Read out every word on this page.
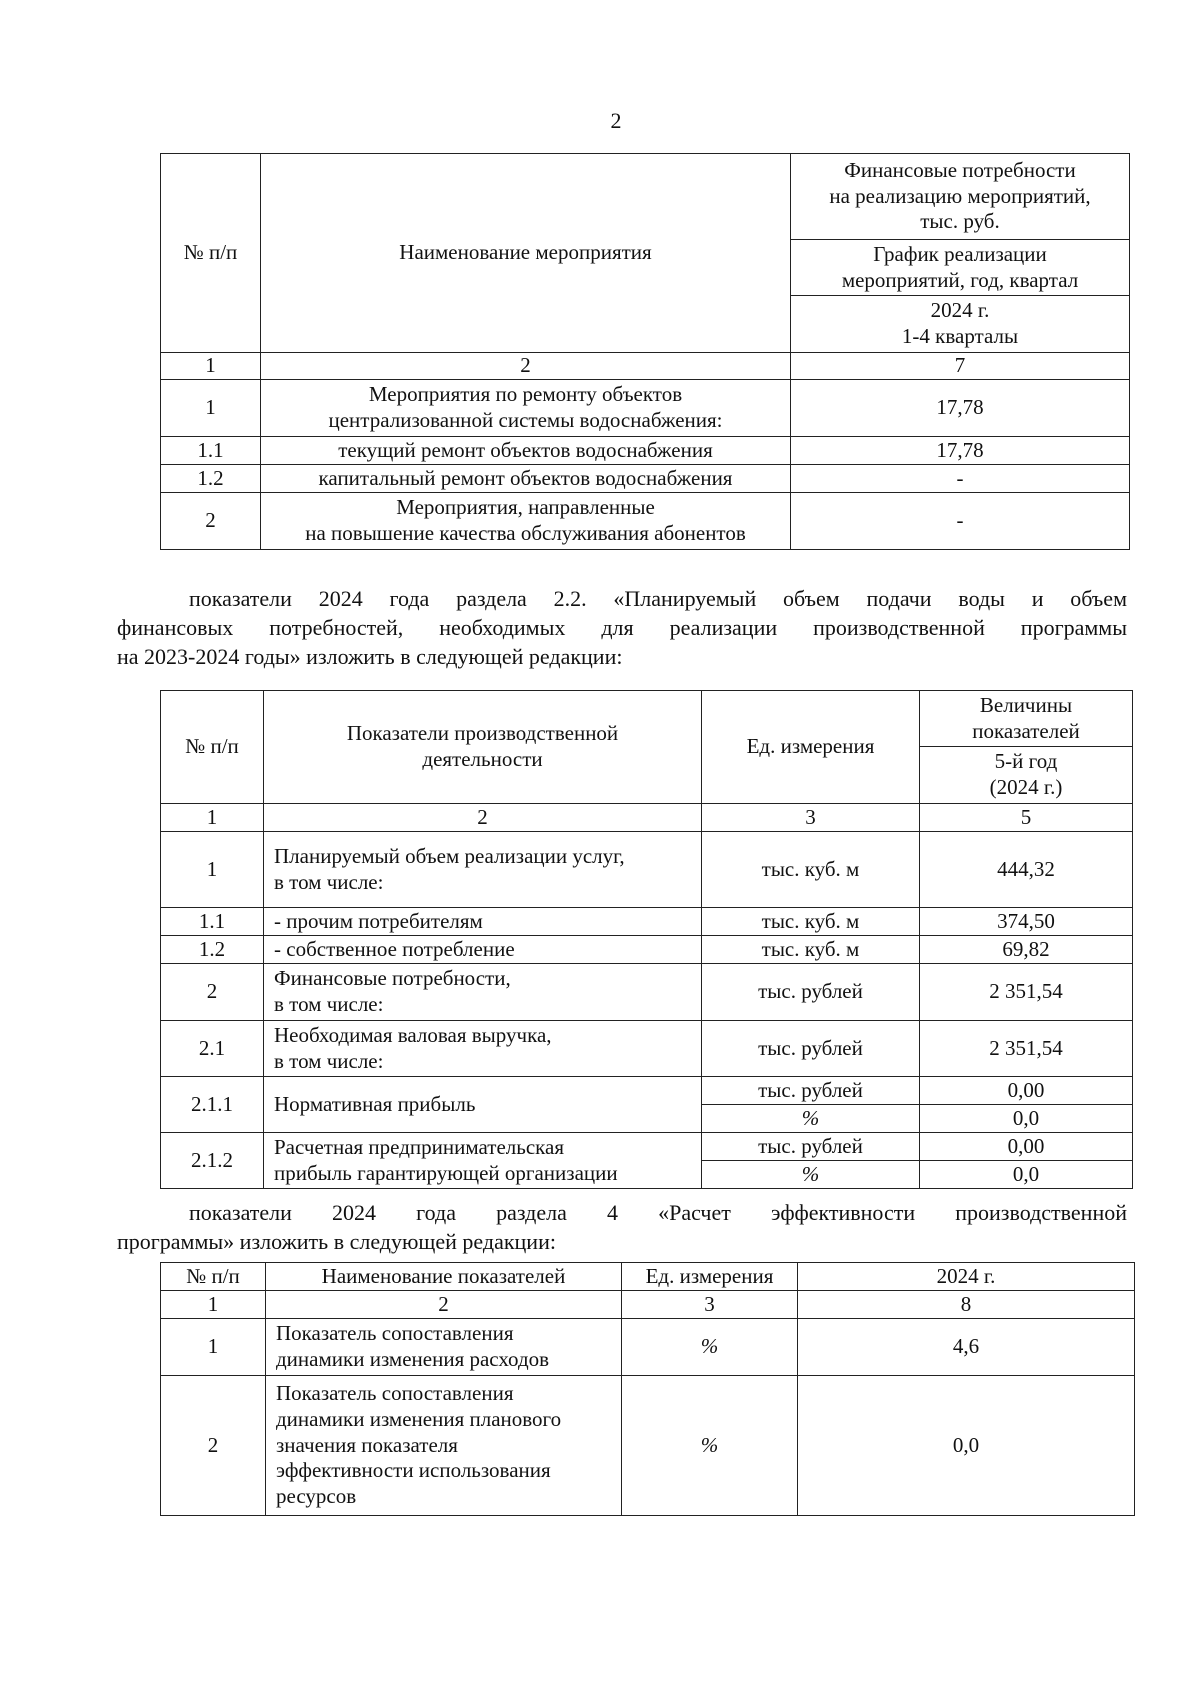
2
№ п/п	Наименование мероприятия	Финансовые потребности
на реализацию мероприятий,
тыс. руб.
		График реализации
мероприятий, год, квартал
		2024 г.
1-4 кварталы
1	2	7
1	Мероприятия по ремонту объектов
централизованной системы водоснабжения:	17,78
1.1	текущий ремонт объектов водоснабжения	17,78
1.2	капитальный ремонт объектов водоснабжения	-
2	Мероприятия, направленные
на повышение качества обслуживания абонентов	-
показатели 2024 года раздела 2.2. «Планируемый объем подачи воды и объем
финансовых потребностей, необходимых для реализации производственной программы
на 2023-2024 годы» изложить в следующей редакции:
№ п/п	Показатели производственной
деятельности	Ед. измерения	Величины
показателей
			5-й год
(2024 г.)
1	2	3	5
1	Планируемый объем реализации услуг,
в том числе:	тыс. куб. м	444,32
1.1	- прочим потребителям	тыс. куб. м	374,50
1.2	- собственное потребление	тыс. куб. м	69,82
2	Финансовые потребности,
в том числе:	тыс. рублей	2 351,54
2.1	Необходимая валовая выручка,
в том числе:	тыс. рублей	2 351,54
2.1.1	Нормативная прибыль	тыс. рублей	0,00
		%	0,0
2.1.2	Расчетная предпринимательская
прибыль гарантирующей организации	тыс. рублей	0,00
		%	0,0
показатели 2024 года раздела 4 «Расчет эффективности производственной
программы» изложить в следующей редакции:
№ п/п	Наименование показателей	Ед. измерения	2024 г.
1	2	3	8
1	Показатель сопоставления
динамики изменения расходов	%	4,6
2	Показатель сопоставления
динамики изменения планового
значения показателя
эффективности использования
ресурсов	%	0,0
